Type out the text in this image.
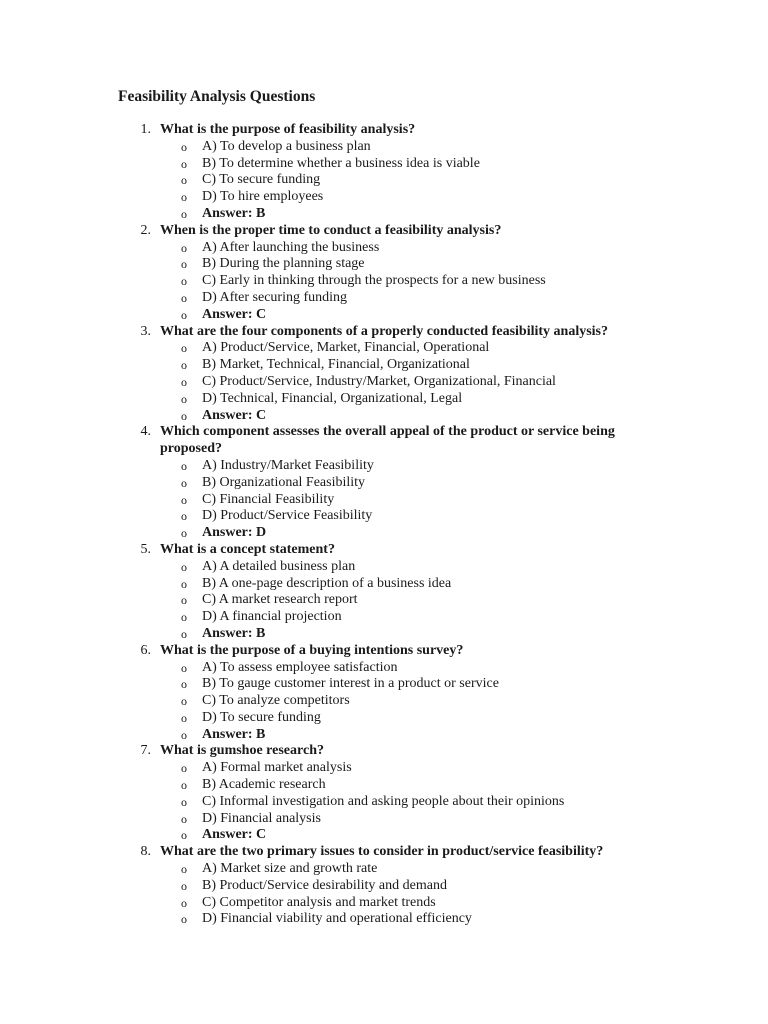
Feasibility Analysis Questions
1. What is the purpose of feasibility analysis?
o A) To develop a business plan
o B) To determine whether a business idea is viable
o C) To secure funding
o D) To hire employees
o Answer: B
2. When is the proper time to conduct a feasibility analysis?
o A) After launching the business
o B) During the planning stage
o C) Early in thinking through the prospects for a new business
o D) After securing funding
o Answer: C
3. What are the four components of a properly conducted feasibility analysis?
o A) Product/Service, Market, Financial, Operational
o B) Market, Technical, Financial, Organizational
o C) Product/Service, Industry/Market, Organizational, Financial
o D) Technical, Financial, Organizational, Legal
o Answer: C
4. Which component assesses the overall appeal of the product or service being proposed?
o A) Industry/Market Feasibility
o B) Organizational Feasibility
o C) Financial Feasibility
o D) Product/Service Feasibility
o Answer: D
5. What is a concept statement?
o A) A detailed business plan
o B) A one-page description of a business idea
o C) A market research report
o D) A financial projection
o Answer: B
6. What is the purpose of a buying intentions survey?
o A) To assess employee satisfaction
o B) To gauge customer interest in a product or service
o C) To analyze competitors
o D) To secure funding
o Answer: B
7. What is gumshoe research?
o A) Formal market analysis
o B) Academic research
o C) Informal investigation and asking people about their opinions
o D) Financial analysis
o Answer: C
8. What are the two primary issues to consider in product/service feasibility?
o A) Market size and growth rate
o B) Product/Service desirability and demand
o C) Competitor analysis and market trends
o D) Financial viability and operational efficiency
